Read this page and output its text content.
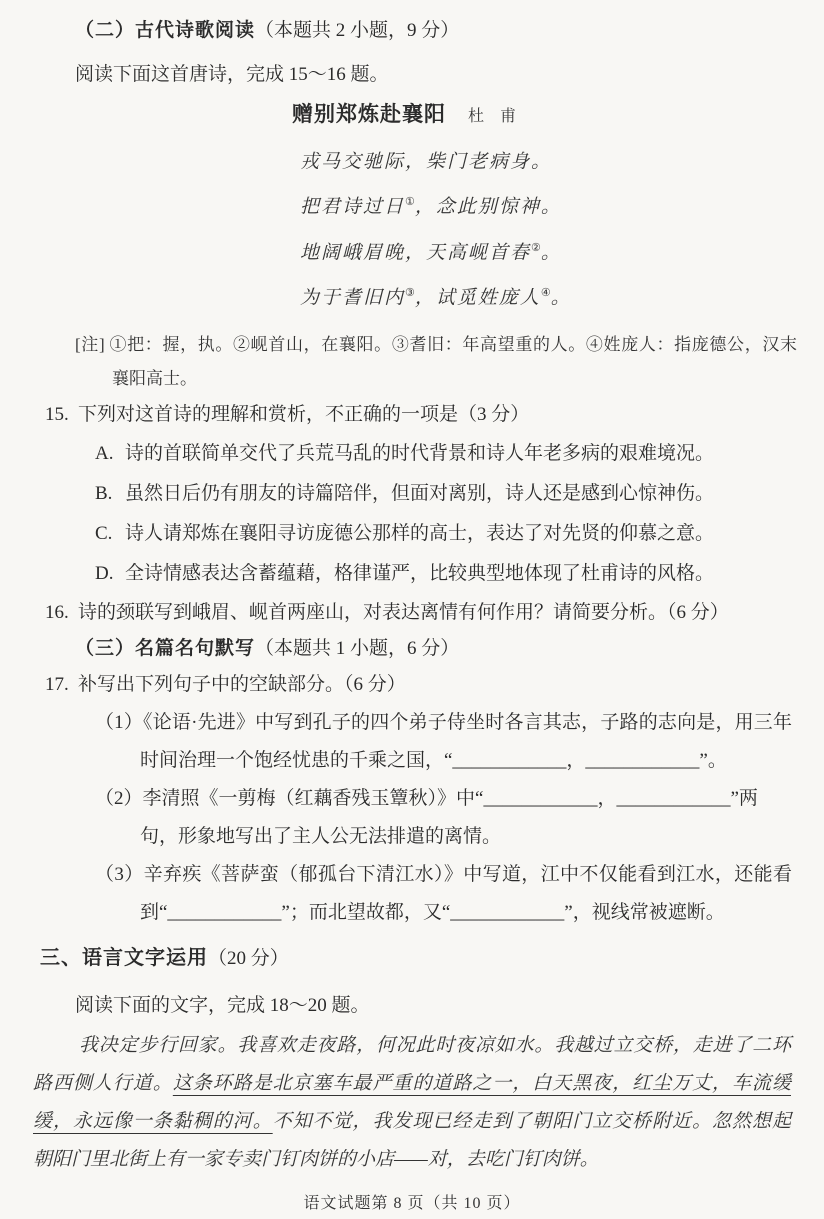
（二）古代诗歌阅读（本题共 2 小题，9 分）
阅读下面这首唐诗，完成 15～16 题。
赠别郑炼赴襄阳 杜　甫
戎马交驰际，柴门老病身。
把君诗过日①，念此别惊神。
地阔峨眉晚，天高岘首春②。
为于耆旧内③，试觅姓庞人④。
[注] ①把：握，执。②岘首山，在襄阳。③耆旧：年高望重的人。④姓庞人：指庞德公，汉末
襄阳高士。
15. 下列对这首诗的理解和赏析，不正确的一项是（3 分）
A. 诗的首联简单交代了兵荒马乱的时代背景和诗人年老多病的艰难境况。
B. 虽然日后仍有朋友的诗篇陪伴，但面对离别，诗人还是感到心惊神伤。
C. 诗人请郑炼在襄阳寻访庞德公那样的高士，表达了对先贤的仰慕之意。
D. 全诗情感表达含蓄蕴藉，格律谨严，比较典型地体现了杜甫诗的风格。
16. 诗的颈联写到峨眉、岘首两座山，对表达离情有何作用？请简要分析。（6 分）
（三）名篇名句默写（本题共 1 小题，6 分）
17. 补写出下列句子中的空缺部分。（6 分）
（1）《论语·先进》中写到孔子的四个弟子侍坐时各言其志，子路的志向是，用三年
时间治理一个饱经忧患的千乘之国，“____________，____________”。
（2）李清照《一剪梅（红藕香残玉簟秋）》中“____________，____________”两
句，形象地写出了主人公无法排遣的离情。
（3）辛弃疾《菩萨蛮（郁孤台下清江水）》中写道，江中不仅能看到江水，还能看
到“____________”；而北望故都，又“____________”，视线常被遮断。
三、语言文字运用（20 分）
阅读下面的文字，完成 18～20 题。
我决定步行回家。我喜欢走夜路，何况此时夜凉如水。我越过立交桥，走进了二环
路西侧人行道。这条环路是北京塞车最严重的道路之一，白天黑夜，红尘万丈，车流缓
缓，永远像一条黏稠的河。不知不觉，我发现已经走到了朝阳门立交桥附近。忽然想起
朝阳门里北街上有一家专卖门钉肉饼的小店——对，去吃门钉肉饼。
语文试题第 8 页（共 10 页）
